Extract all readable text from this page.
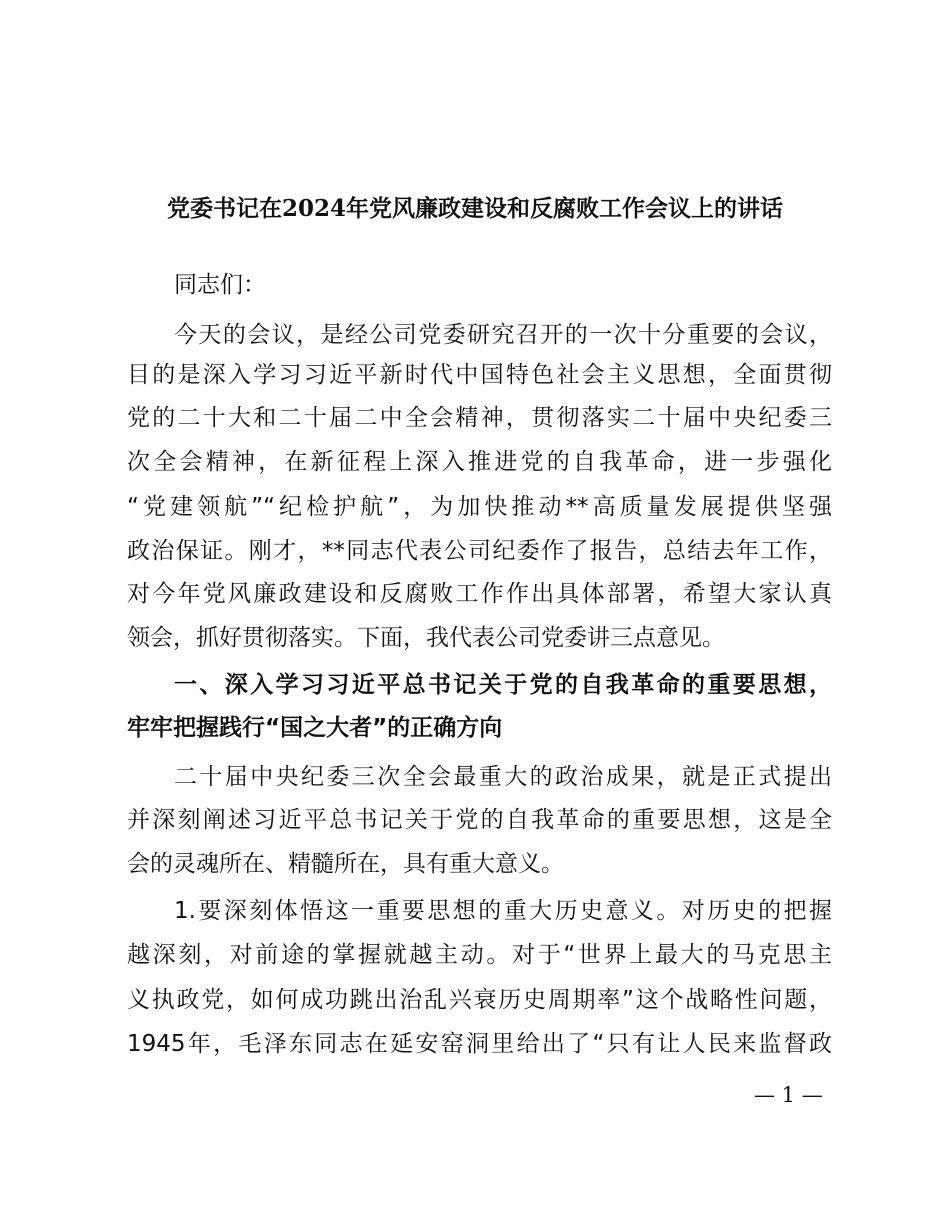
党委书记在2024年党风廉政建设和反腐败工作会议上的讲话

同志们：

今天的会议，是经公司党委研究召开的一次十分重要的会议，

目的是深入学习习近平新时代中国特色社会主义思想，全面贯彻

党的二十大和二十届二中全会精神，贯彻落实二十届中央纪委三

次全会精神，在新征程上深入推进党的自我革命，进一步强化

“党建领航”“纪检护航”，为加快推动**高质量发展提供坚强

政治保证。刚才，**同志代表公司纪委作了报告，总结去年工作，

对今年党风廉政建设和反腐败工作作出具体部署，希望大家认真

领会，抓好贯彻落实。下面，我代表公司党委讲三点意见。

一、深入学习习近平总书记关于党的自我革命的重要思想，

牢牢把握践行“国之大者”的正确方向

二十届中央纪委三次全会最重大的政治成果，就是正式提出

并深刻阐述习近平总书记关于党的自我革命的重要思想，这是全

会的灵魂所在、精髓所在，具有重大意义。

1.要深刻体悟这一重要思想的重大历史意义。对历史的把握

越深刻，对前途的掌握就越主动。对于“世界上最大的马克思主

义执政党，如何成功跳出治乱兴衰历史周期率”这个战略性问题，

1945年，毛泽东同志在延安窑洞里给出了“只有让人民来监督政

— 1 —
